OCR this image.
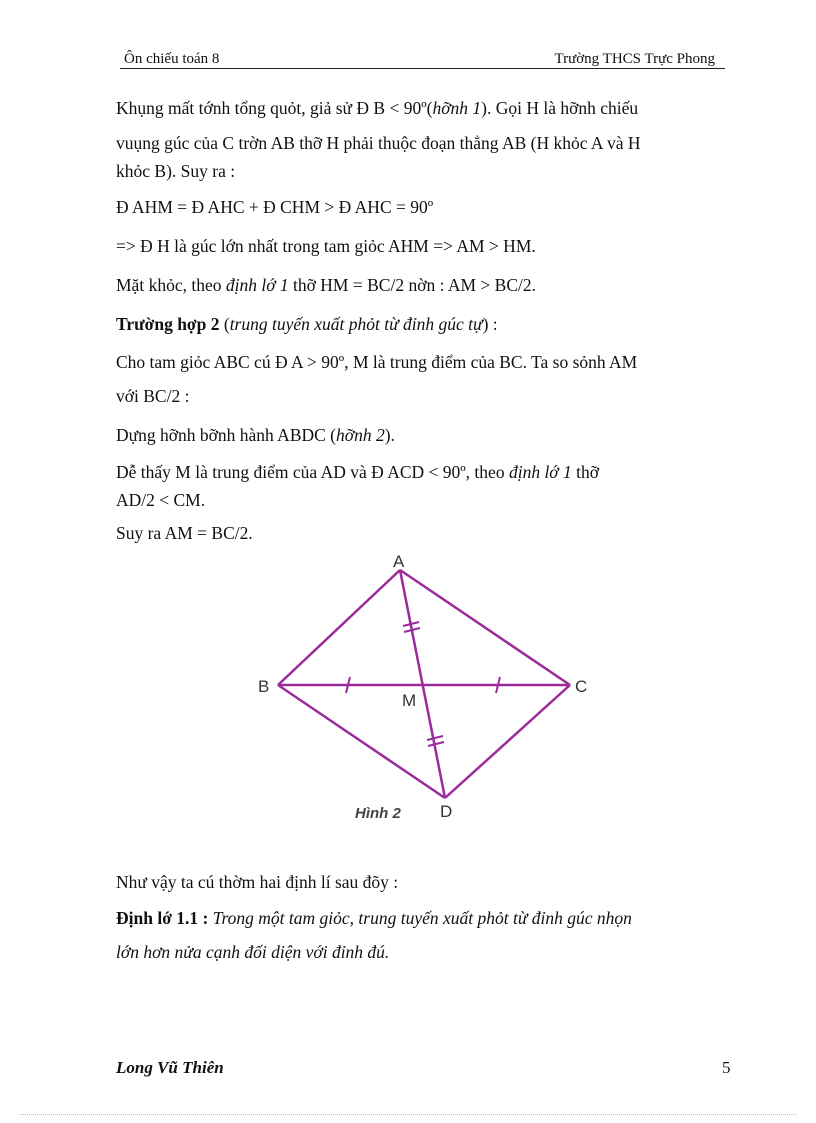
Ôn chiếu toán 8	Trường THCS Trực Phong
Khụng mất tớnh tổng quỏt, giả sử Ð B < 90º(hỡnh 1). Gọi H là hỡnh chiếu
vuụng gúc của C trờn AB thỡ H phải thuộc đoạn thẳng AB (H khỏc A và H
khỏc B). Suy ra :
Ð AHM = Ð AHC + Ð CHM > Ð AHC = 90º
=> Ð H là gúc lớn nhất trong tam giỏc AHM => AM > HM.
Mặt khỏc, theo định lớ 1 thỡ HM = BC/2 nờn : AM > BC/2.
Trường hợp 2 (trung tuyến xuất phỏt từ đỉnh gúc tự) :
Cho tam giỏc ABC cú Ð A > 90º, M là trung điểm của BC. Ta so sỏnh AM
với BC/2 :
Dựng hỡnh bỡnh hành ABDC (hỡnh 2).
Dễ thấy M là trung điểm của AD và Ð ACD < 90º, theo định lớ 1 thỡ
AD/2 < CM.
Suy ra AM = BC/2.
A
B	C
M
D
Hình 2
Như vậy ta cú thờm hai định lí sau đõy :
Định lớ 1.1 : Trong một tam giỏc, trung tuyến xuất phỏt từ đỉnh gúc nhọn
lớn hơn nửa cạnh đối diện với đỉnh đú.
Long Vũ Thiên	5
